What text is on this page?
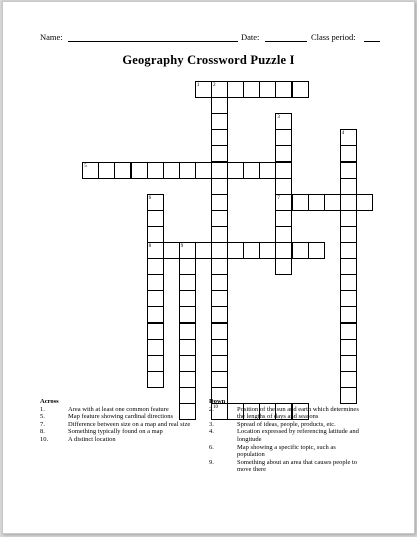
Name:	Date:	Class period:
Geography Crossword Puzzle I
1	2
10
3
7
4
5
6
8	9
Across
1.	Area with at least one common feature
5.	Map feature showing cardinal directions
7.	Difference between size on a map and real size
8.	Something typically found on a map
10.	A distinct location
Down
2.	Position of the sun and earth which determines the lengths of days and seasons
3.	Spread of ideas, people, products, etc.
4.	Location expressed by referencing latitude and longitude
6.	Map showing a specific topic, such as population
9.	Something about an area that causes people to move there
